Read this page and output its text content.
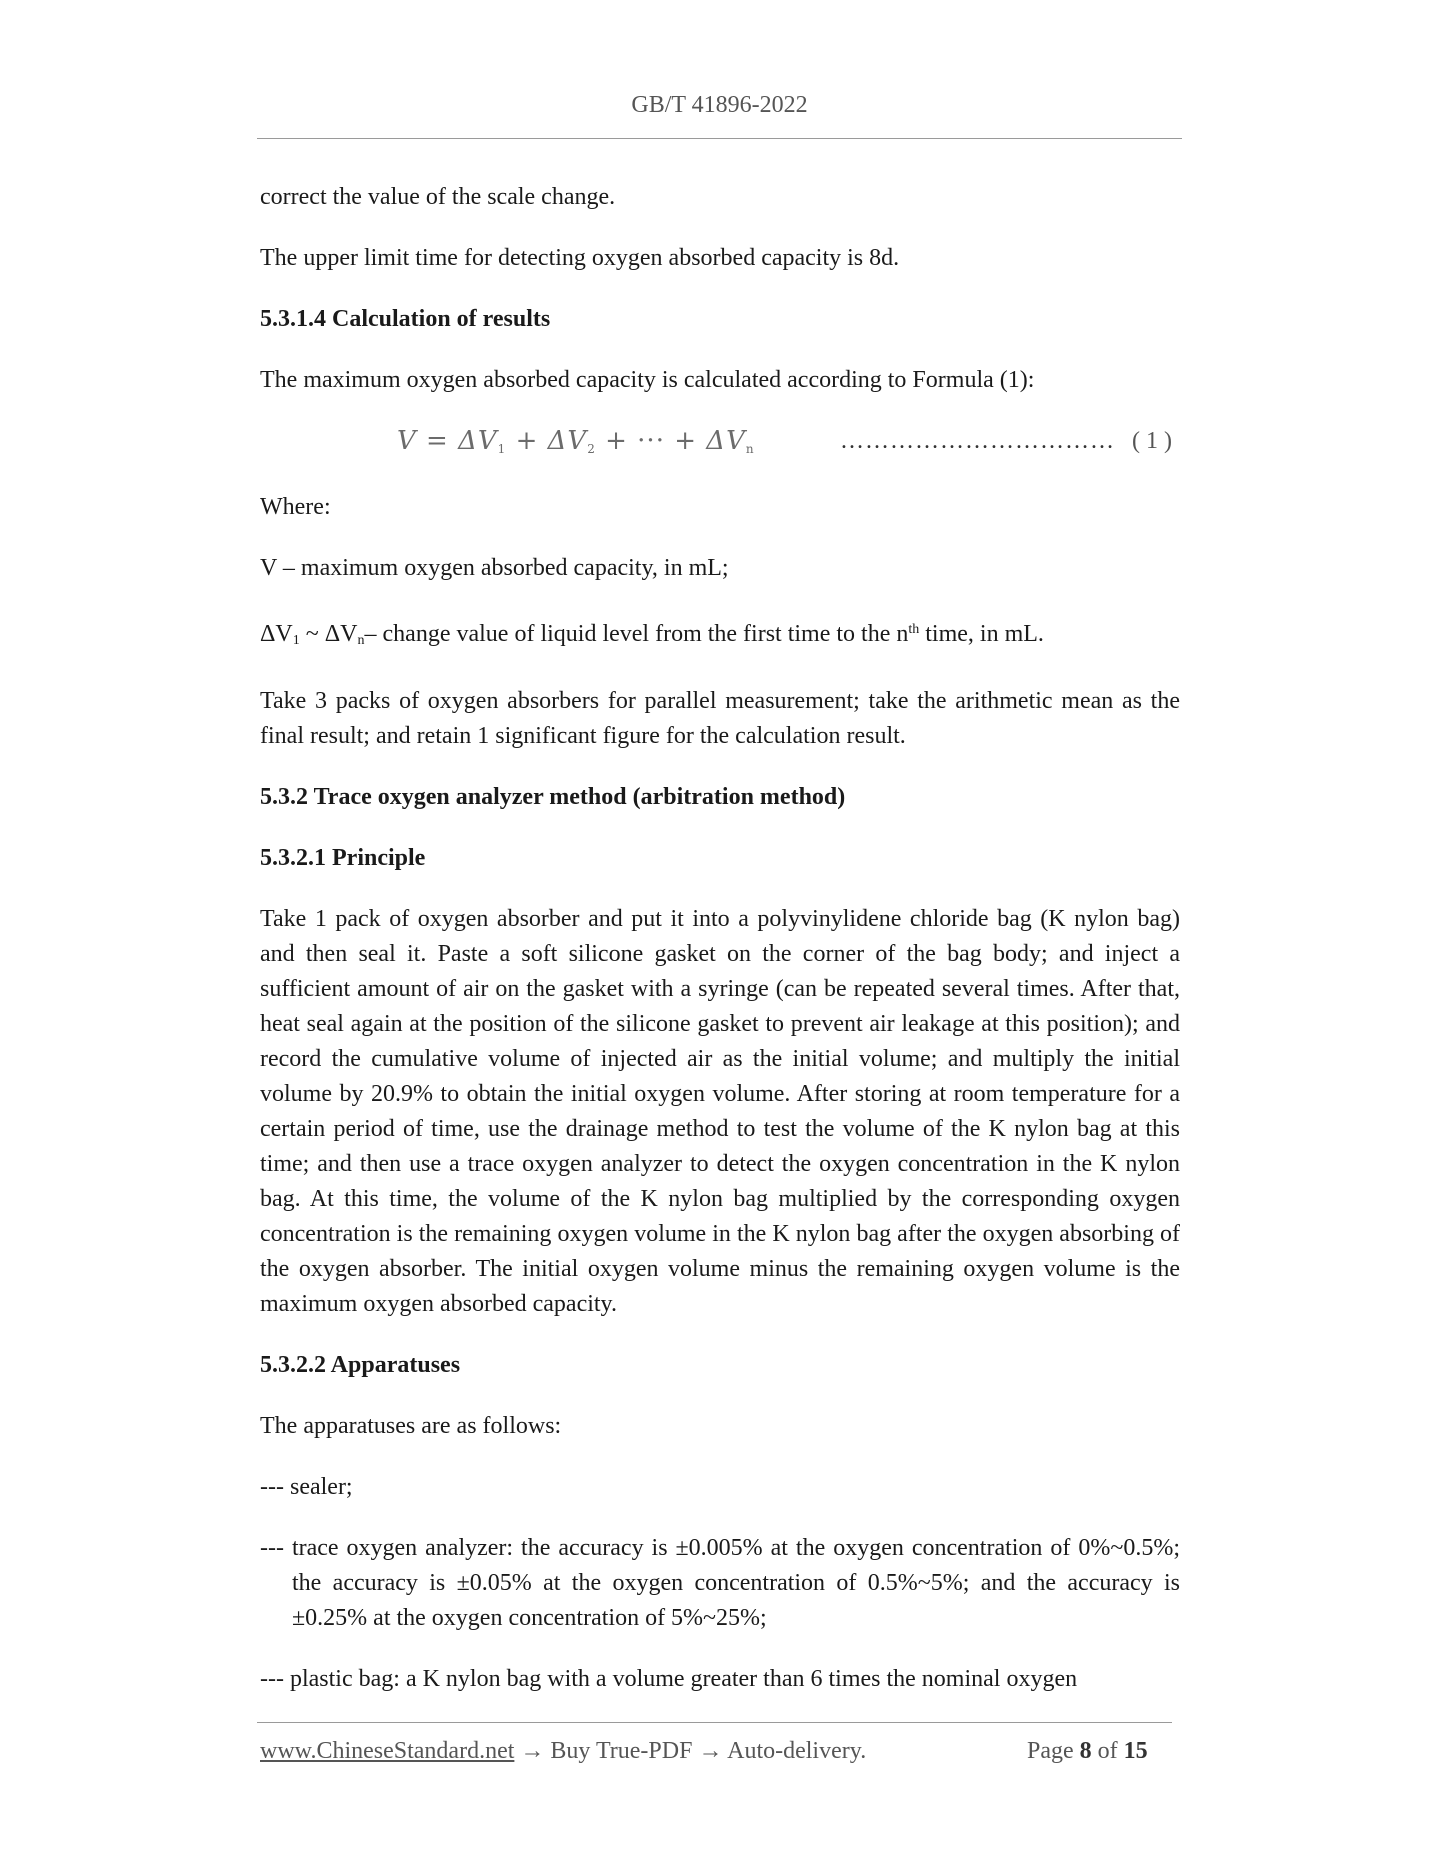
GB/T 41896-2022

correct the value of the scale change.

The upper limit time for detecting oxygen absorbed capacity is 8d.

5.3.1.4 Calculation of results

The maximum oxygen absorbed capacity is calculated according to Formula (1):

$V = \Delta V_1 + \Delta V_2$ + ··· + $\Delta V_n$	…………………………… ( 1 )

Where:

V – maximum oxygen absorbed capacity, in mL;

$\Delta V_1$ ~ $\Delta V_n-$ change value of liquid level from the first time to the $n^{th}$ time, in mL.

Take 3 packs of oxygen absorbers for parallel measurement; take the arithmetic mean as the final result; and retain 1 significant figure for the calculation result.

5.3.2 Trace oxygen analyzer method (arbitration method)

5.3.2.1 Principle

Take 1 pack of oxygen absorber and put it into a polyvinylidene chloride bag (K nylon bag) and then seal it. Paste a soft silicone gasket on the corner of the bag body; and inject a sufficient amount of air on the gasket with a syringe (can be repeated several times. After that, heat seal again at the position of the silicone gasket to prevent air leakage at this position); and record the cumulative volume of injected air as the initial volume; and multiply the initial volume by 20.9% to obtain the initial oxygen volume. After storing at room temperature for a certain period of time, use the drainage method to test the volume of the K nylon bag at this time; and then use a trace oxygen analyzer to detect the oxygen concentration in the K nylon bag. At this time, the volume of the K nylon bag multiplied by the corresponding oxygen concentration is the remaining oxygen volume in the K nylon bag after the oxygen absorbing of the oxygen absorber. The initial oxygen volume minus the remaining oxygen volume is the maximum oxygen absorbed capacity.

5.3.2.2 Apparatuses

The apparatuses are as follows:

--- sealer;

--- trace oxygen analyzer: the accuracy is ±0.005% at the oxygen concentration of 0%~0.5%; the accuracy is ±0.05% at the oxygen concentration of 0.5%~5%; and the accuracy is ±0.25% at the oxygen concentration of 5%~25%;

--- plastic bag: a K nylon bag with a volume greater than 6 times the nominal oxygen

www.ChineseStandard.net → Buy True-PDF → Auto-delivery.	Page 8 of 15
